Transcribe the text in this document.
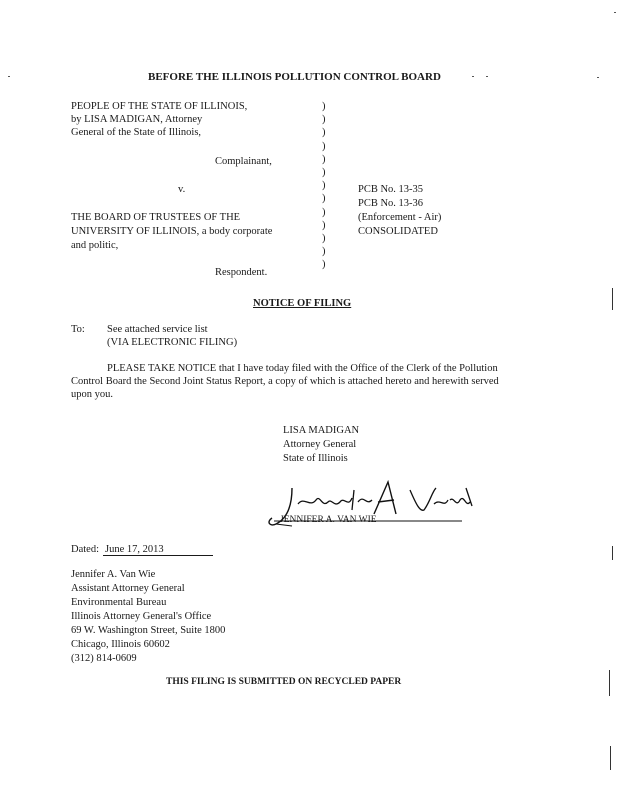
BEFORE THE ILLINOIS POLLUTION CONTROL BOARD
PEOPLE OF THE STATE OF ILLINOIS,
by LISA MADIGAN, Attorney
General of the State of Illinois,
Complainant,
v.
THE BOARD OF TRUSTEES OF THE
UNIVERSITY OF ILLINOIS, a body corporate
and politic,
Respondent.
)
)
)
)
)
)
)
)
)
)
)
)
)
PCB No. 13-35
PCB No. 13-36
(Enforcement - Air)
CONSOLIDATED
NOTICE OF FILING
To: See attached service list
(VIA ELECTRONIC FILING)
PLEASE TAKE NOTICE that I have today filed with the Office of the Clerk of the Pollution
Control Board the Second Joint Status Report, a copy of which is attached hereto and herewith served
upon you.
LISA MADIGAN
Attorney General
State of Illinois
JENNIFER A. VAN WIE
Dated: June 17, 2013
Jennifer A. Van Wie
Assistant Attorney General
Environmental Bureau
Illinois Attorney General's Office
69 W. Washington Street, Suite 1800
Chicago, Illinois 60602
(312) 814-0609
THIS FILING IS SUBMITTED ON RECYCLED PAPER
